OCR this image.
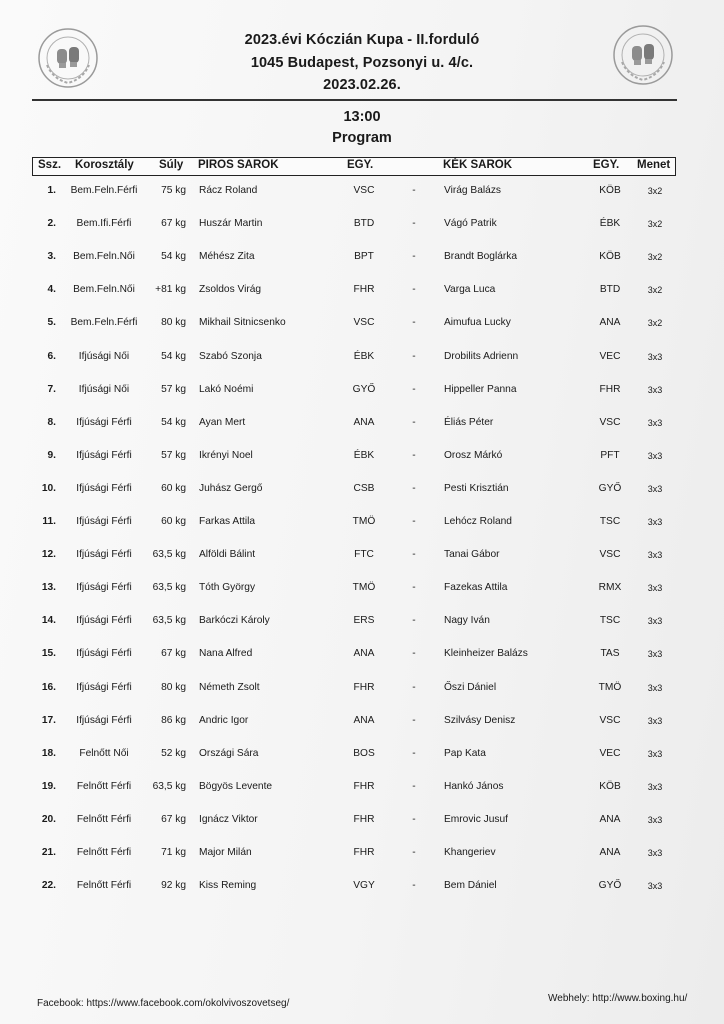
2023.évi Kóczián Kupa - II.forduló
1045 Budapest, Pozsonyi u. 4/c.
2023.02.26.
13:00
Program
Ssz. Korosztály Súly PIROS SAROK	EGY.	KÉK SAROK	EGY. Menet
1.	Bem.Feln.Férfi	75 kg Rácz Roland	VSC	-	Virág Balázs	KÖB	3x2
2.	Bem.Ifi.Férfi	67 kg Huszár Martin	BTD	-	Vágó Patrik	ÉBK	3x2
3.	Bem.Feln.Női	54 kg Méhész Zita	BPT	-	Brandt Boglárka	KÖB	3x2
4.	Bem.Feln.Női	+81 kg Zsoldos Virág	FHR	-	Varga Luca	BTD	3x2
5.	Bem.Feln.Férfi	80 kg Mikhail Sitnicsenko	VSC	-	Aimufua Lucky	ANA	3x2
6.	Ifjúsági Női	54 kg Szabó Szonja	ÉBK	-	Drobilits Adrienn	VEC	3x3
7.	Ifjúsági Női	57 kg Lakó Noémi	GYŐ	-	Hippeller Panna	FHR	3x3
8.	Ifjúsági Férfi	54 kg Ayan Mert	ANA	-	Éliás Péter	VSC	3x3
9.	Ifjúsági Férfi	57 kg Ikrényi Noel	ÉBK	-	Orosz Márkó	PFT	3x3
10.	Ifjúsági Férfi	60 kg Juhász Gergő	CSB	-	Pesti Krisztián	GYŐ	3x3
11.	Ifjúsági Férfi	60 kg Farkas Attila	TMÖ	-	Lehócz Roland	TSC	3x3
12.	Ifjúsági Férfi	63,5 kg Alföldi Bálint	FTC	-	Tanai Gábor	VSC	3x3
13.	Ifjúsági Férfi	63,5 kg Tóth György	TMÖ	-	Fazekas Attila	RMX	3x3
14.	Ifjúsági Férfi	63,5 kg Barkóczi Károly	ERS	-	Nagy Iván	TSC	3x3
15.	Ifjúsági Férfi	67 kg Nana Alfred	ANA	-	Kleinheizer Balázs	TAS	3x3
16.	Ifjúsági Férfi	80 kg Németh Zsolt	FHR	-	Őszi Dániel	TMÖ	3x3
17.	Ifjúsági Férfi	86 kg Andric Igor	ANA	-	Szilvásy Denisz	VSC	3x3
18.	Felnőtt Női	52 kg Országi Sára	BOS	-	Pap Kata	VEC	3x3
19.	Felnőtt Férfi	63,5 kg Bögyös Levente	FHR	-	Hankó János	KÖB	3x3
20.	Felnőtt Férfi	67 kg Ignácz Viktor	FHR	-	Emrovic Jusuf	ANA	3x3
21.	Felnőtt Férfi	71 kg Major Milán	FHR	-	Khangeriev	ANA	3x3
22.	Felnőtt Férfi	92 kg Kiss Reming	VGY	-	Bem Dániel	GYŐ	3x3
Facebook: https://www.facebook.com/okolvivoszovetseg/	Webhely: http://www.boxing.hu/
